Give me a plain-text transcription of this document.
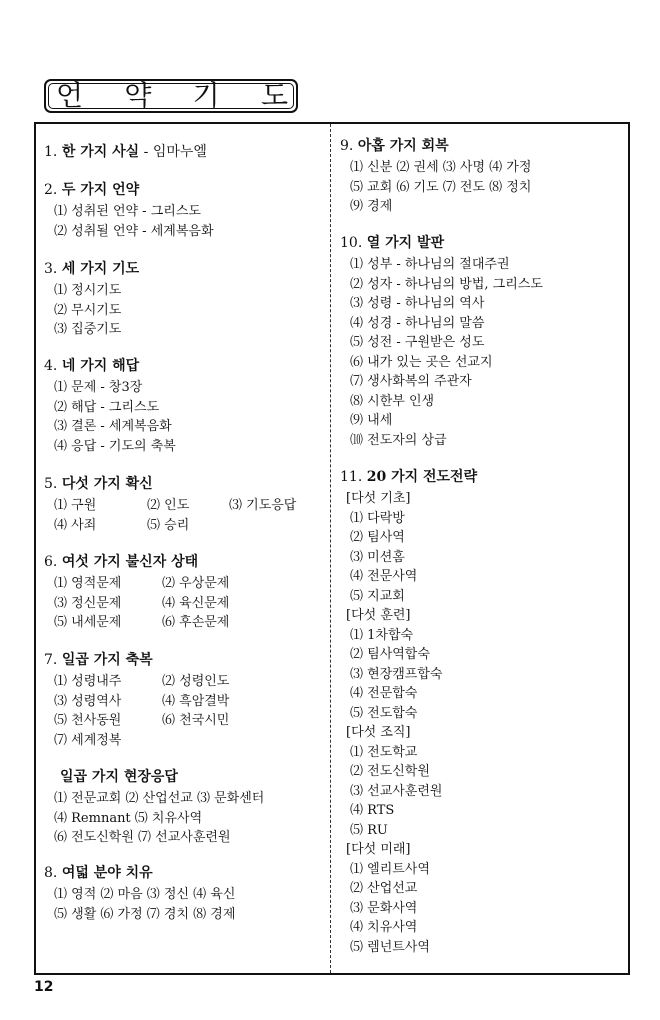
언 약 기 도
1. 한 가지 사실 - 임마누엘
2. 두 가지 언약
⑴ 성취된 언약 - 그리스도
⑵ 성취될 언약 - 세계복음화
3. 세 가지 기도
⑴ 정시기도
⑵ 무시기도
⑶ 집중기도
4. 네 가지 해답
⑴ 문제 - 창3장
⑵ 해답 - 그리스도
⑶ 결론 - 세계복음화
⑷ 응답 - 기도의 축복
5. 다섯 가지 확신
⑴ 구원	⑵ 인도	⑶ 기도응답
⑷ 사죄	⑸ 승리
6. 여섯 가지 불신자 상태
⑴ 영적문제	⑵ 우상문제
⑶ 정신문제	⑷ 육신문제
⑸ 내세문제	⑹ 후손문제
7. 일곱 가지 축복
⑴ 성령내주	⑵ 성령인도
⑶ 성령역사	⑷ 흑암결박
⑸ 천사동원	⑹ 천국시민
⑺ 세계정복
일곱 가지 현장응답
⑴ 전문교회 ⑵ 산업선교 ⑶ 문화센터
⑷ Remnant ⑸ 치유사역
⑹ 전도신학원 ⑺ 선교사훈련원
8. 여덟 분야 치유
⑴ 영적 ⑵ 마음 ⑶ 정신 ⑷ 육신
⑸ 생활 ⑹ 가정 ⑺ 경치 ⑻ 경제
9. 아홉 가지 회복
⑴ 신분 ⑵ 권세 ⑶ 사명 ⑷ 가정
⑸ 교회 ⑹ 기도 ⑺ 전도 ⑻ 정치
⑼ 경제
10. 열 가지 발판
⑴ 성부 - 하나님의 절대주권
⑵ 성자 - 하나님의 방법, 그리스도
⑶ 성령 - 하나님의 역사
⑷ 성경 - 하나님의 말씀
⑸ 성전 - 구원받은 성도
⑹ 내가 있는 곳은 선교지
⑺ 생사화복의 주관자
⑻ 시한부 인생
⑼ 내세
⑽ 전도자의 상급
11. 20 가지 전도전략
[다섯 기초]
⑴ 다락방
⑵ 팀사역
⑶ 미션홈
⑷ 전문사역
⑸ 지교회
[다섯 훈련]
⑴ 1차합숙
⑵ 팀사역합숙
⑶ 현장캠프합숙
⑷ 전문합숙
⑸ 전도합숙
[다섯 조직]
⑴ 전도학교
⑵ 전도신학원
⑶ 선교사훈련원
⑷ RTS
⑸ RU
[다섯 미래]
⑴ 엘리트사역
⑵ 산업선교
⑶ 문화사역
⑷ 치유사역
⑸ 렘넌트사역
12
